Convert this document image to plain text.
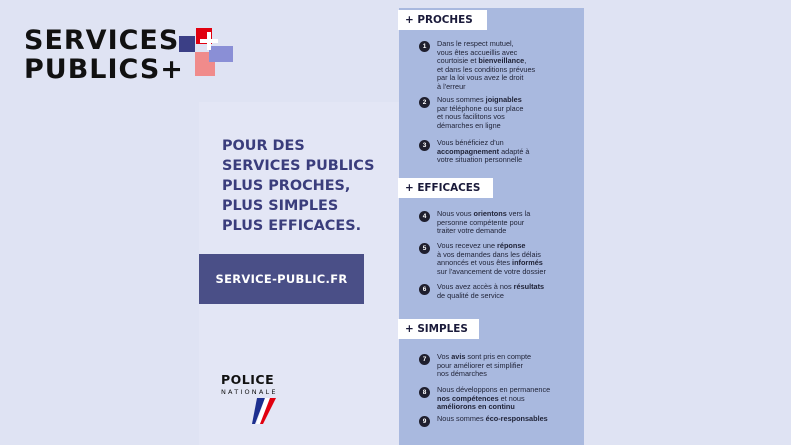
SERVICES
PUBLICS+
POUR DES
SERVICES PUBLICS
PLUS PROCHES,
PLUS SIMPLES
PLUS EFFICACES.
SERVICE-PUBLIC.FR
POLICE
NATIONALE
+ PROCHES
+ EFFICACES
+ SIMPLES
1	Dans le respect mutuel,
vous êtes accueillis avec
courtoisie et bienveillance,
et dans les conditions prévues
par la loi vous avez le droit
à l'erreur
2	Nous sommes joignables
par téléphone ou sur place
et nous facilitons vos
démarches en ligne
3	Vous bénéficiez d'un
accompagnement adapté à
votre situation personnelle
4	Nous vous orientons vers la
personne compétente pour
traiter votre demande
5	Vous recevez une réponse
à vos demandes dans les délais
annoncés et vous êtes informés
sur l'avancement de votre dossier
6	Vous avez accès à nos résultats
de qualité de service
7	Vos avis sont pris en compte
pour améliorer et simplifier
nos démarches
8	Nous développons en permanence
nos compétences et nous
améliorons en continu
9	Nous sommes éco-responsables
